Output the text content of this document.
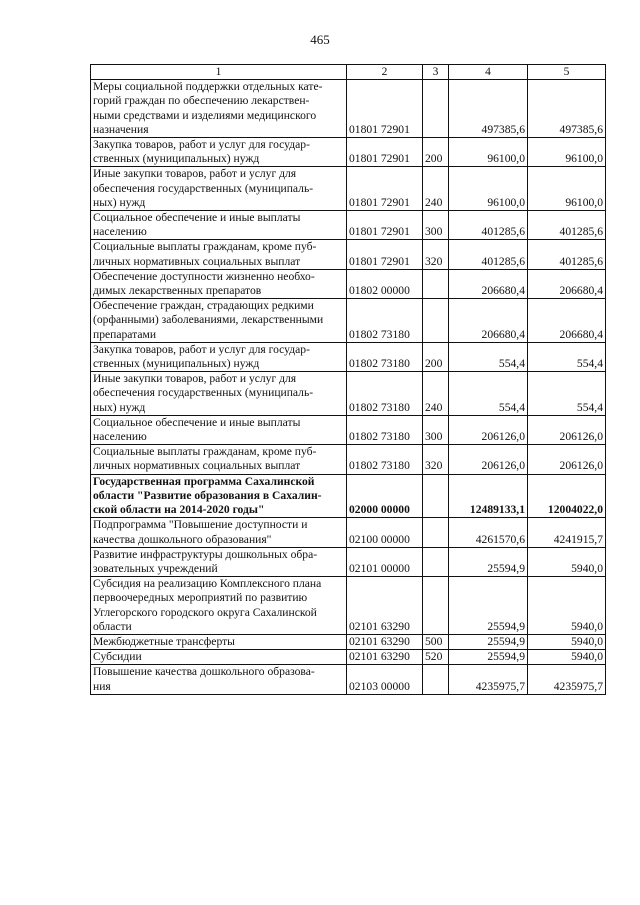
465
1	2	3	4	5
Меры социальной поддержки отдельных кате-
горий граждан по обеспечению лекарствен-
ными средствами и изделиями медицинского
назначения	01801 72901		497385,6	497385,6
Закупка товаров, работ и услуг для государ-
ственных (муниципальных) нужд	01801 72901	200	96100,0	96100,0
Иные закупки товаров, работ и услуг для
обеспечения государственных (муниципаль-
ных) нужд	01801 72901	240	96100,0	96100,0
Социальное обеспечение и иные выплаты
населению	01801 72901	300	401285,6	401285,6
Социальные выплаты гражданам, кроме пуб-
личных нормативных социальных выплат	01801 72901	320	401285,6	401285,6
Обеспечение доступности жизненно необхо-
димых лекарственных препаратов	01802 00000		206680,4	206680,4
Обеспечение граждан, страдающих редкими
(орфанными) заболеваниями, лекарственными
препаратами	01802 73180		206680,4	206680,4
Закупка товаров, работ и услуг для государ-
ственных (муниципальных) нужд	01802 73180	200	554,4	554,4
Иные закупки товаров, работ и услуг для
обеспечения государственных (муниципаль-
ных) нужд	01802 73180	240	554,4	554,4
Социальное обеспечение и иные выплаты
населению	01802 73180	300	206126,0	206126,0
Социальные выплаты гражданам, кроме пуб-
личных нормативных социальных выплат	01802 73180	320	206126,0	206126,0
Государственная программа Сахалинской
области "Развитие образования в Сахалин-
ской области на 2014-2020 годы"	02000 00000		12489133,1	12004022,0
Подпрограмма "Повышение доступности и
качества дошкольного образования"	02100 00000		4261570,6	4241915,7
Развитие инфраструктуры дошкольных обра-
зовательных учреждений	02101 00000		25594,9	5940,0
Субсидия на реализацию Комплексного плана
первоочередных мероприятий по развитию
Углегорского городского округа Сахалинской
области	02101 63290		25594,9	5940,0
Межбюджетные трансферты	02101 63290	500	25594,9	5940,0
Субсидии	02101 63290	520	25594,9	5940,0
Повышение качества дошкольного образова-
ния	02103 00000		4235975,7	4235975,7
